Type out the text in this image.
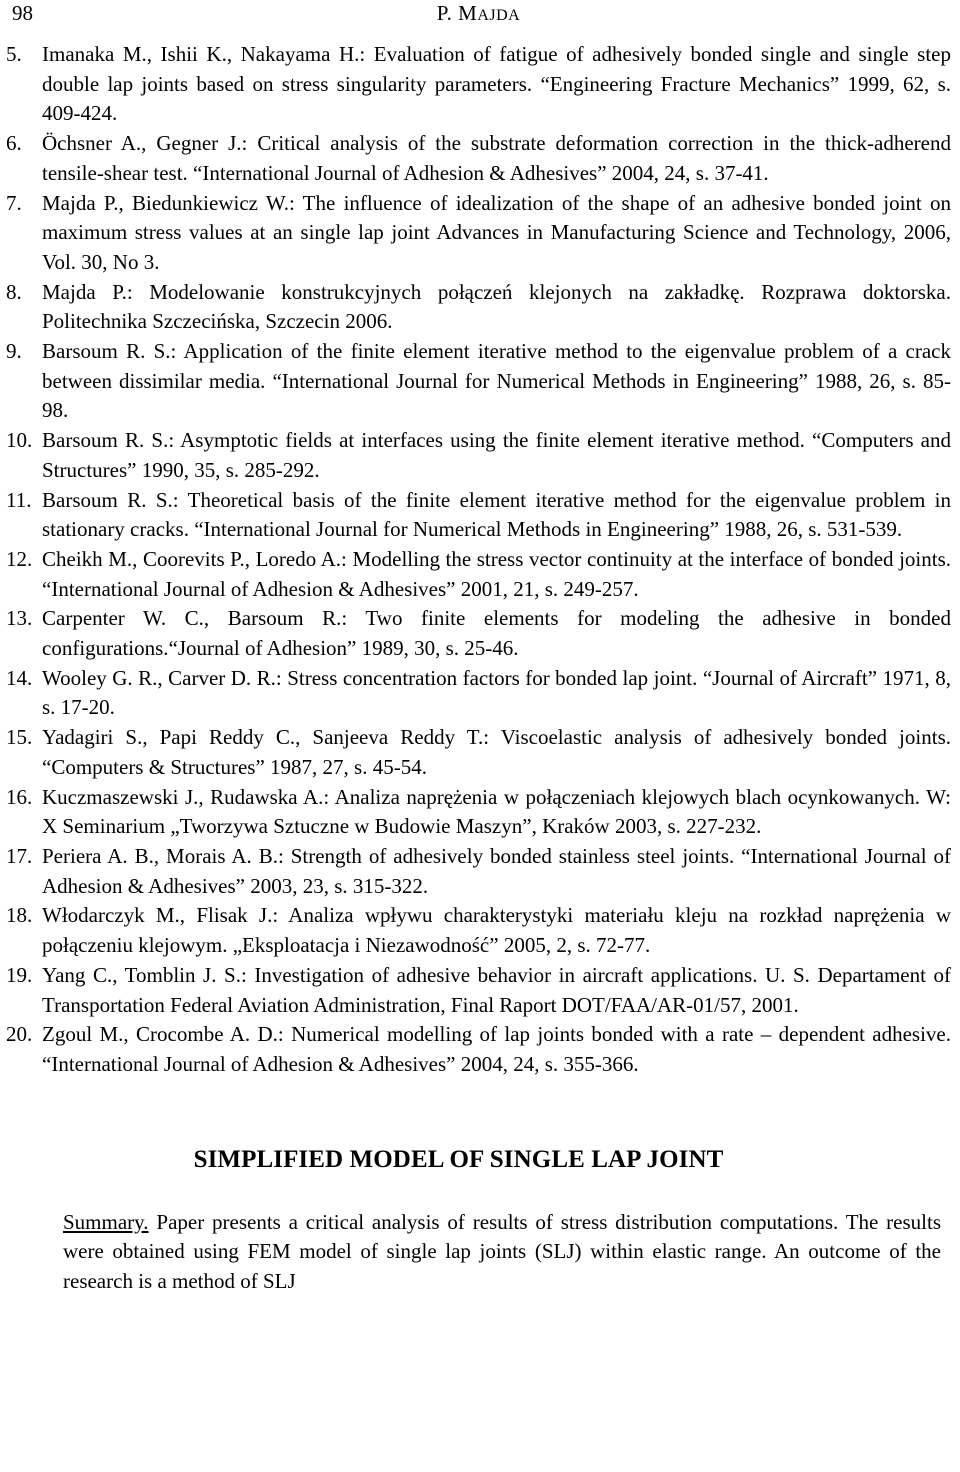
98	P. MAJDA
5. Imanaka M., Ishii K., Nakayama H.: Evaluation of fatigue of adhesively bonded single and single step double lap joints based on stress singularity parameters. “Engineering Fracture Mechanics” 1999, 62, s. 409-424.
6. Öchsner A., Gegner J.: Critical analysis of the substrate deformation correction in the thick-adherend tensile-shear test. “International Journal of Adhesion & Adhesives” 2004, 24, s. 37-41.
7. Majda P., Biedunkiewicz W.: The influence of idealization of the shape of an adhesive bonded joint on maximum stress values at an single lap joint Advances in Manufacturing Science and Technology, 2006, Vol. 30, No 3.
8. Majda P.: Modelowanie konstrukcyjnych połączeń klejonych na zakładkę. Rozprawa doktorska. Politechnika Szczecińska, Szczecin 2006.
9. Barsoum R. S.: Application of the finite element iterative method to the eigenvalue problem of a crack between dissimilar media. “International Journal for Numerical Methods in Engineering” 1988, 26, s. 85-98.
10. Barsoum R. S.: Asymptotic fields at interfaces using the finite element iterative method. “Computers and Structures” 1990, 35, s. 285-292.
11. Barsoum R. S.: Theoretical basis of the finite element iterative method for the eigenvalue problem in stationary cracks. “International Journal for Numerical Methods in Engineering” 1988, 26, s. 531-539.
12. Cheikh M., Coorevits P., Loredo A.: Modelling the stress vector continuity at the interface of bonded joints. “International Journal of Adhesion & Adhesives” 2001, 21, s. 249-257.
13. Carpenter W. C., Barsoum R.: Two finite elements for modeling the adhesive in bonded configurations.“Journal of Adhesion” 1989, 30, s. 25-46.
14. Wooley G. R., Carver D. R.: Stress concentration factors for bonded lap joint. “Journal of Aircraft” 1971, 8, s. 17-20.
15. Yadagiri S., Papi Reddy C., Sanjeeva Reddy T.: Viscoelastic analysis of adhesively bonded joints. “Computers & Structures” 1987, 27, s. 45-54.
16. Kuczmaszewski J., Rudawska A.: Analiza naprężenia w połączeniach klejowych blach ocynkowanych. W: X Seminarium „Tworzywa Sztuczne w Budowie Maszyn”, Kraków 2003, s. 227-232.
17. Periera A. B., Morais A. B.: Strength of adhesively bonded stainless steel joints. “International Journal of Adhesion & Adhesives” 2003, 23, s. 315-322.
18. Włodarczyk M., Flisak J.: Analiza wpływu charakterystyki materiału kleju na rozkład naprężenia w połączeniu klejowym. „Eksploatacja i Niezawodność” 2005, 2, s. 72-77.
19. Yang C., Tomblin J. S.: Investigation of adhesive behavior in aircraft applications. U. S. Departament of Transportation Federal Aviation Administration, Final Raport DOT/FAA/AR-01/57, 2001.
20. Zgoul M., Crocombe A. D.: Numerical modelling of lap joints bonded with a rate – dependent adhesive. “International Journal of Adhesion & Adhesives” 2004, 24, s. 355-366.
SIMPLIFIED MODEL OF SINGLE LAP JOINT
Summary. Paper presents a critical analysis of results of stress distribution computations. The results were obtained using FEM model of single lap joints (SLJ) within elastic range. An outcome of the research is a method of SLJ
